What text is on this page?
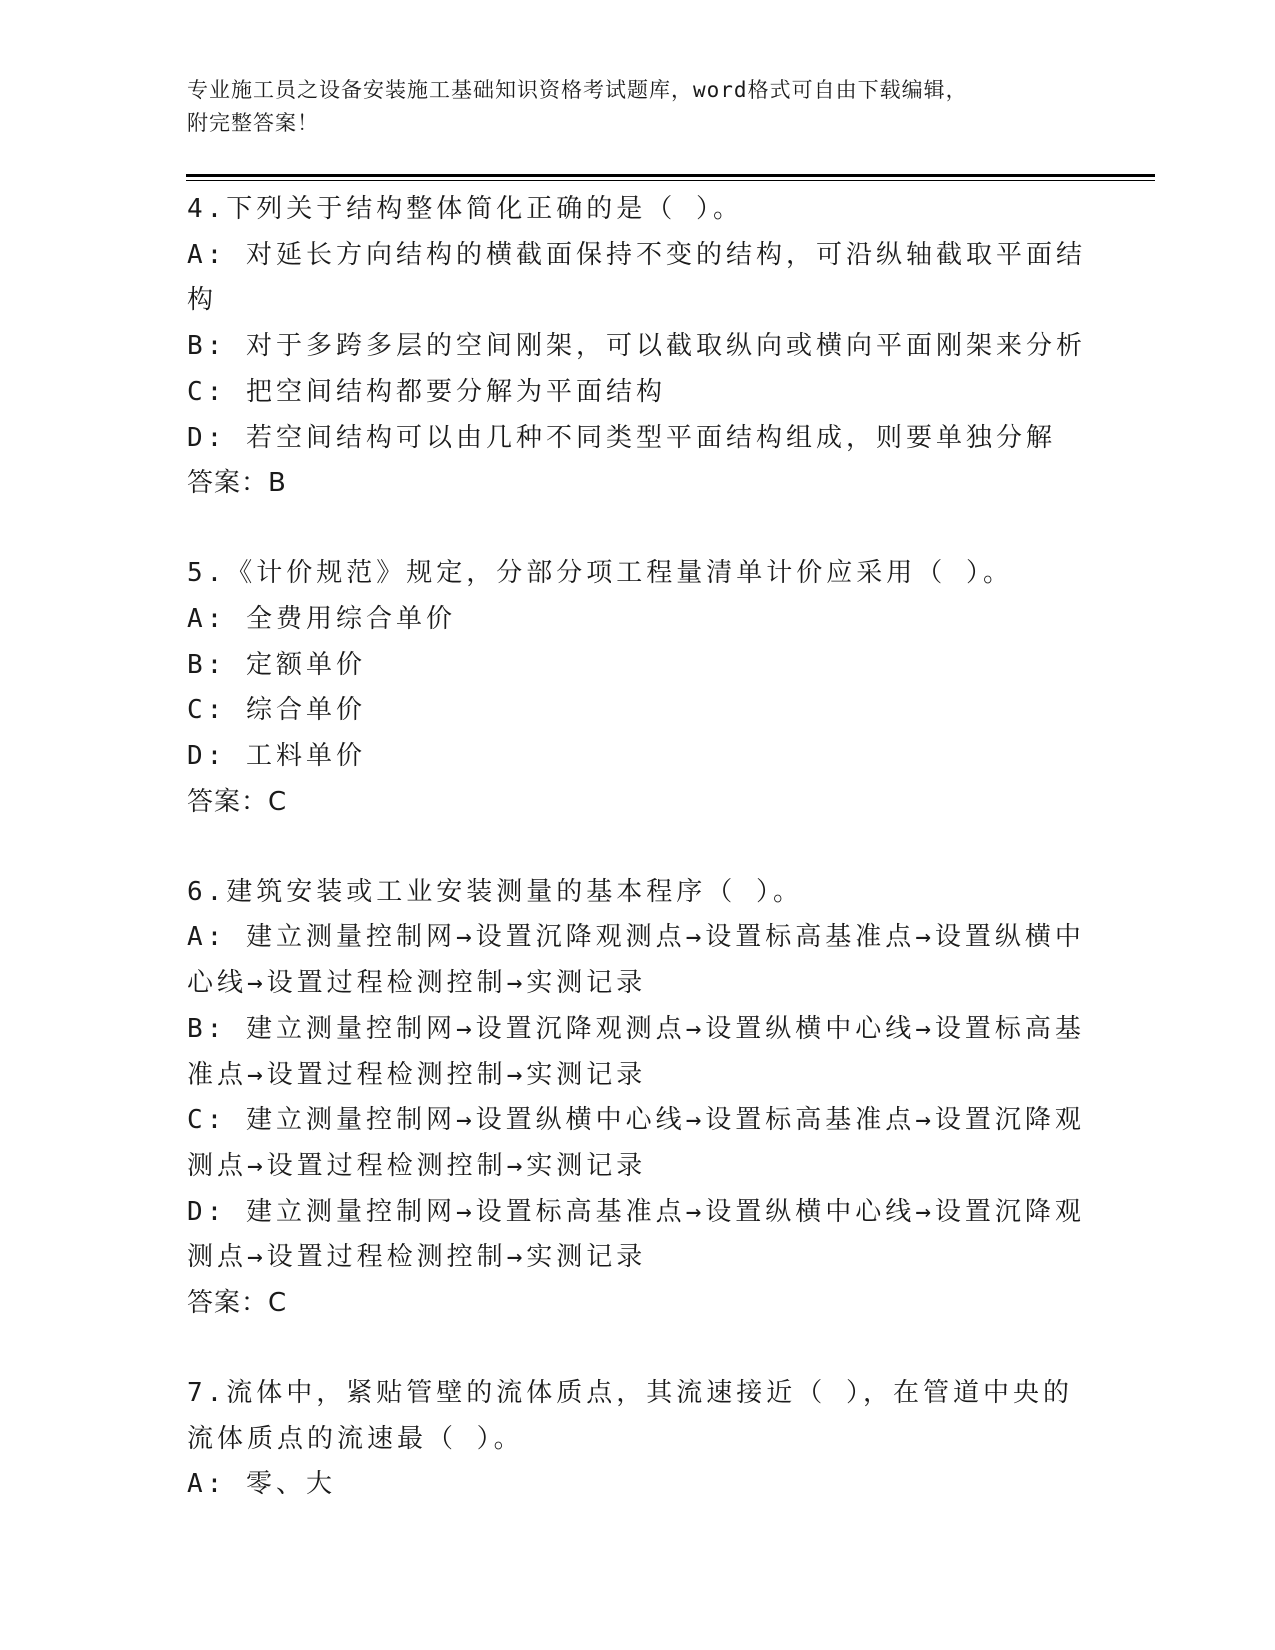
专业施工员之设备安装施工基础知识资格考试题库，word格式可自由下载编辑，
附完整答案！
4.下列关于结构整体简化正确的是（ ）。
A: 对延长方向结构的横截面保持不变的结构，可沿纵轴截取平面结构
B: 对于多跨多层的空间刚架，可以截取纵向或横向平面刚架来分析
C: 把空间结构都要分解为平面结构
D: 若空间结构可以由几种不同类型平面结构组成，则要单独分解
答案：B
5.《计价规范》规定，分部分项工程量清单计价应采用（ ）。
A: 全费用综合单价
B: 定额单价
C: 综合单价
D: 工料单价
答案：C
6.建筑安装或工业安装测量的基本程序（ ）。
A: 建立测量控制网→设置沉降观测点→设置标高基准点→设置纵横中心线→设置过程检测控制→实测记录
B: 建立测量控制网→设置沉降观测点→设置纵横中心线→设置标高基准点→设置过程检测控制→实测记录
C: 建立测量控制网→设置纵横中心线→设置标高基准点→设置沉降观测点→设置过程检测控制→实测记录
D: 建立测量控制网→设置标高基准点→设置纵横中心线→设置沉降观测点→设置过程检测控制→实测记录
答案：C
7.流体中，紧贴管壁的流体质点，其流速接近（ ），在管道中央的流体质点的流速最（ ）。
A: 零、大
